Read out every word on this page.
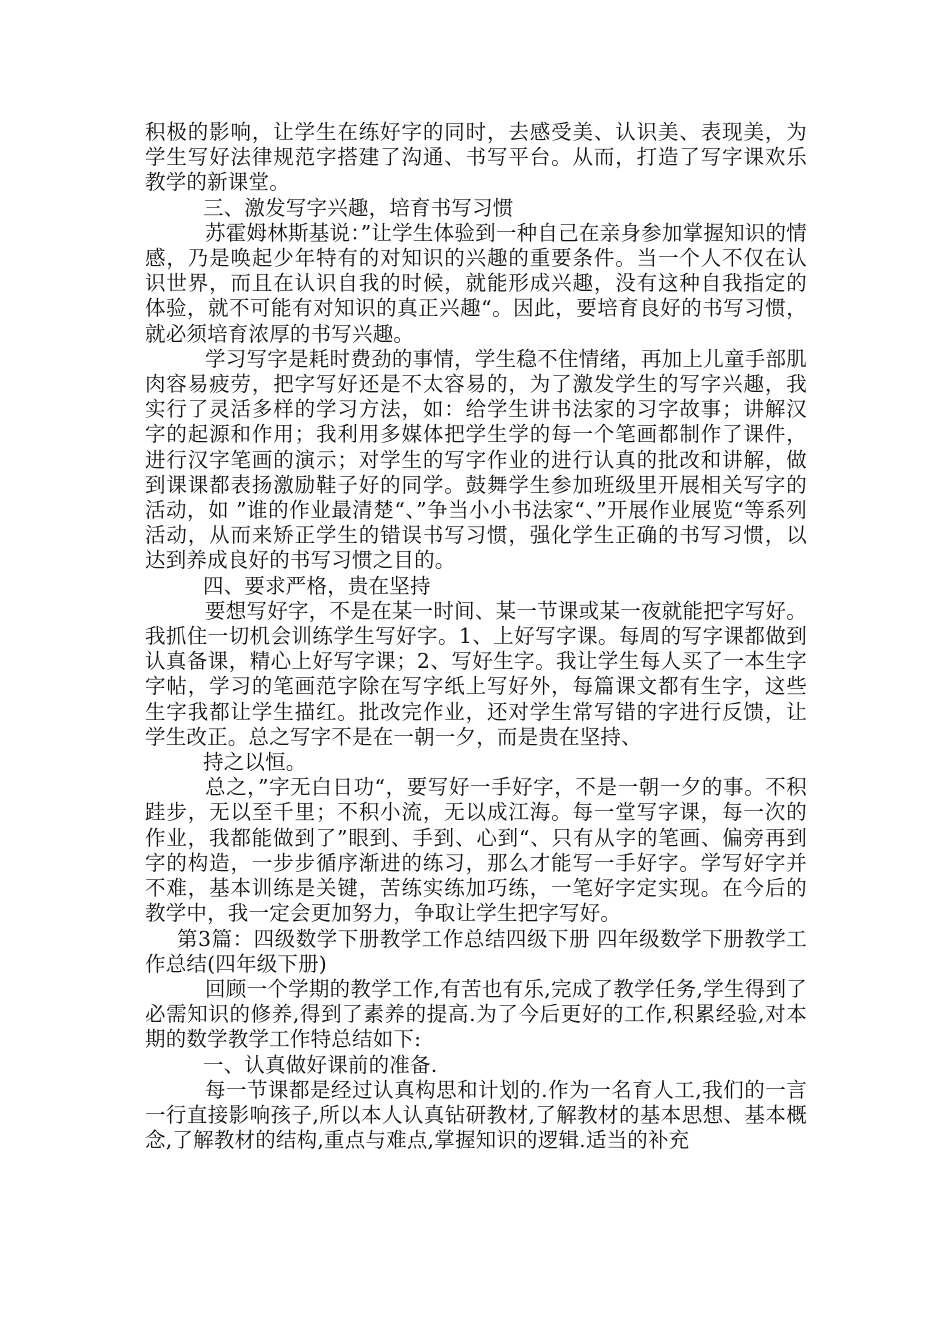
积极的影响，让学生在练好字的同时，去感受美、认识美、表现美，为学生写好法律规范字搭建了沟通、书写平台。从而，打造了写字课欢乐教学的新课堂。

三、激发写字兴趣，培育书写习惯

苏霍姆林斯基说：”让学生体验到一种自己在亲身参加掌握知识的情感，乃是唤起少年特有的对知识的兴趣的重要条件。当一个人不仅在认识世界，而且在认识自我的时候，就能形成兴趣，没有这种自我指定的体验，就不可能有对知识的真正兴趣“。因此，要培育良好的书写习惯，就必须培育浓厚的书写兴趣。

学习写字是耗时费劲的事情，学生稳不住情绪，再加上儿童手部肌肉容易疲劳，把字写好还是不太容易的，为了激发学生的写字兴趣，我实行了灵活多样的学习方法，如：给学生讲书法家的习字故事；讲解汉字的起源和作用；我利用多媒体把学生学的每一个笔画都制作了课件，进行汉字笔画的演示；对学生的写字作业的进行认真的批改和讲解，做到课课都表扬激励鞋子好的同学。鼓舞学生参加班级里开展相关写字的活动，如 ”谁的作业最清楚“、”争当小小书法家“、”开展作业展览“等系列活动，从而来矫正学生的错误书写习惯，强化学生正确的书写习惯，以达到养成良好的书写习惯之目的。

四、要求严格，贵在坚持

要想写好字，不是在某一时间、某一节课或某一夜就能把字写好。我抓住一切机会训练学生写好字。1、上好写字课。每周的写字课都做到认真备课，精心上好写字课；2、写好生字。我让学生每人买了一本生字字帖，学习的笔画范字除在写字纸上写好外，每篇课文都有生字，这些生字我都让学生描红。批改完作业，还对学生常写错的字进行反馈，让学生改正。总之写字不是在一朝一夕，而是贵在坚持、

持之以恒。

总之，”字无白日功“，要写好一手好字，不是一朝一夕的事。不积跬步，无以至千里；不积小流，无以成江海。每一堂写字课，每一次的作业，我都能做到了”眼到、手到、心到“、只有从字的笔画、偏旁再到字的构造，一步步循序渐进的练习，那么才能写一手好字。学写好字并不难，基本训练是关键，苦练实练加巧练，一笔好字定实现。在今后的教学中，我一定会更加努力，争取让学生把字写好。

第3篇：四级数学下册教学工作总结四级下册 四年级数学下册教学工作总结(四年级下册)

回顾一个学期的教学工作,有苦也有乐,完成了教学任务,学生得到了必需知识的修养,得到了素养的提高.为了今后更好的工作,积累经验,对本期的数学教学工作特总结如下:

一、认真做好课前的准备.

每一节课都是经过认真构思和计划的.作为一名育人工,我们的一言一行直接影响孩子,所以本人认真钻研教材,了解教材的基本思想、基本概念,了解教材的结构,重点与难点,掌握知识的逻辑.适当的补充
